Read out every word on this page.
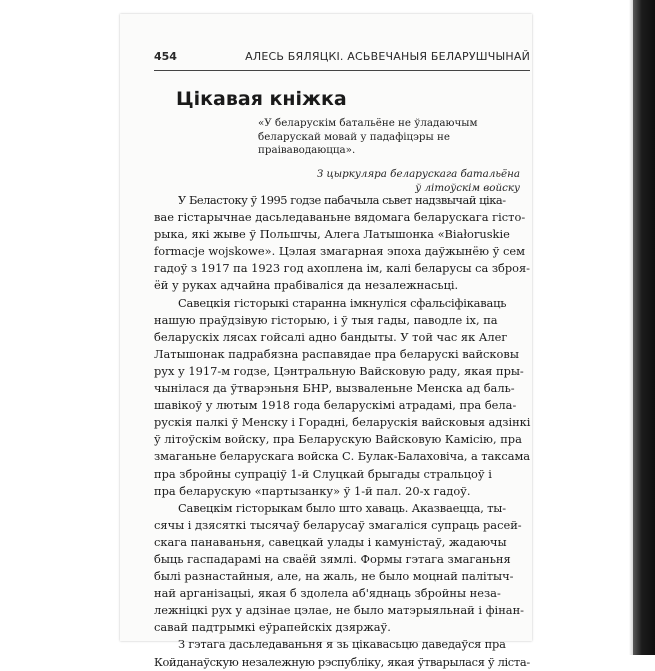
454	АЛЕСЬ БЯЛЯЦКІ. АСЬВЕЧАНЫЯ БЕЛАРУШЧЫНАЙ
Цікавая кніжка
«У беларускім батальёне не ўладаючым
беларускай мовай у падафіцэры не
праіваводаюцца».
З цыркуляра беларускага батальёна
ў літоўскім войску
У Беластоку ў 1995 годзе пабачыла сьвет надзвычай цікa-
вае гістарычнае дасьледаваньне вядомага беларускага гісто-
рыка, які жыве ў Польшчы, Алега Латышонка «Białoruskie
formacje wojskowe». Цэлая змагарная эпоха даўжынёю ў сем
гадоў з 1917 па 1923 год ахоплена ім, калі беларусы са зброя-
ёй у руках адчайна прабіваліся да незалежнасьці.
Савецкія гісторыкі старанна імкнуліся сфальсіфікаваць
нашую праўдзівую гісторыю, і ў тыя гады, паводле іх, па
беларускіх лясах гойсалі адно бандыты. У той час як Алег
Латышонак падрабязна распавядае пра беларускі вайсковы
рух у 1917-м годзе, Цэнтральную Вайсковую раду, якая пры-
чынілася да ўтварэньня БНР, вызваленьне Менска ад баль-
шавікоў у лютым 1918 года беларускімі атрадамі, пра бела-
рускія палкі ў Менску і Горадні, беларускія вайсковыя адзінкі
ў літоўскім войску, пра Беларускую Вайсковую Камісію, пра
змаганьне беларускага войска С. Булак-Балаховіча, а таксама
пра збройны супраціў 1-й Слуцкай брыгады стральцоў і
пра беларускую «партызанку» ў 1-й пал. 20-х гадоў.
Савецкім гісторыкам было што хаваць. Аказваецца, ты-
сячы і дзясяткі тысячаў беларусаў змагаліся супраць расей-
скага панаваньня, савецкай улады і камуністаў, жадаючы
быць гаспадарамі на сваёй зямлі. Формы гэтага змаганьня
былі разнастайныя, але, на жаль, не было моцнай палітыч-
най арганізацыі, якая б здолела аб'яднаць збройны неза-
лежніцкі рух у адзінае цэлае, не было матэрыяльнай і фінан-
савай падтрымкі еўрапейскіх дзяржаў.
З гэтага дасьледаваньня я зь цікавасьцю даведаўся пра
Койданаўскую незалежную рэспубліку, якая ўтварылася ў ліста-
